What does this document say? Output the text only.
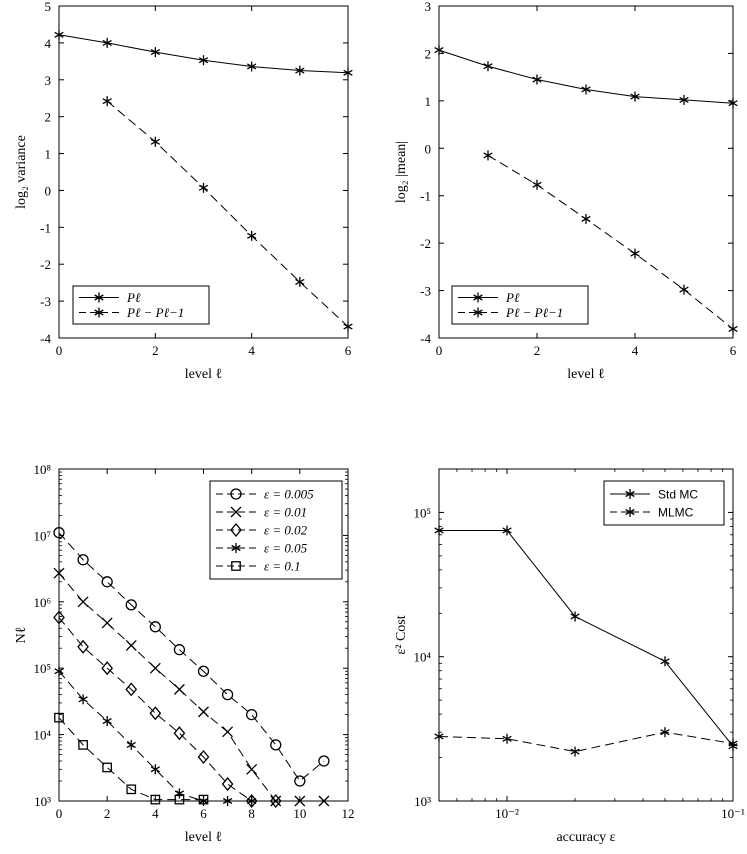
0	2	4	6
-4
-3
-2
-1
0
1
2
3
4
5
level ℓ
log₂ variance
Pℓ
Pℓ − Pℓ−1
0	2	4	6
-4
-3
-2
-1
0
1
2
3
level ℓ
log₂ |mean|
Pℓ
Pℓ − Pℓ−1
0	2	4	6	8	10	12
10³
10⁴
10⁵
10⁶
10⁷
10⁸
level ℓ
Nℓ
ε = 0.005
ε = 0.01
ε = 0.02
ε = 0.05
ε = 0.1
10⁻²	10⁻¹
10³
10⁴
10⁵
accuracy ε
ε² Cost
Std MC
MLMC
